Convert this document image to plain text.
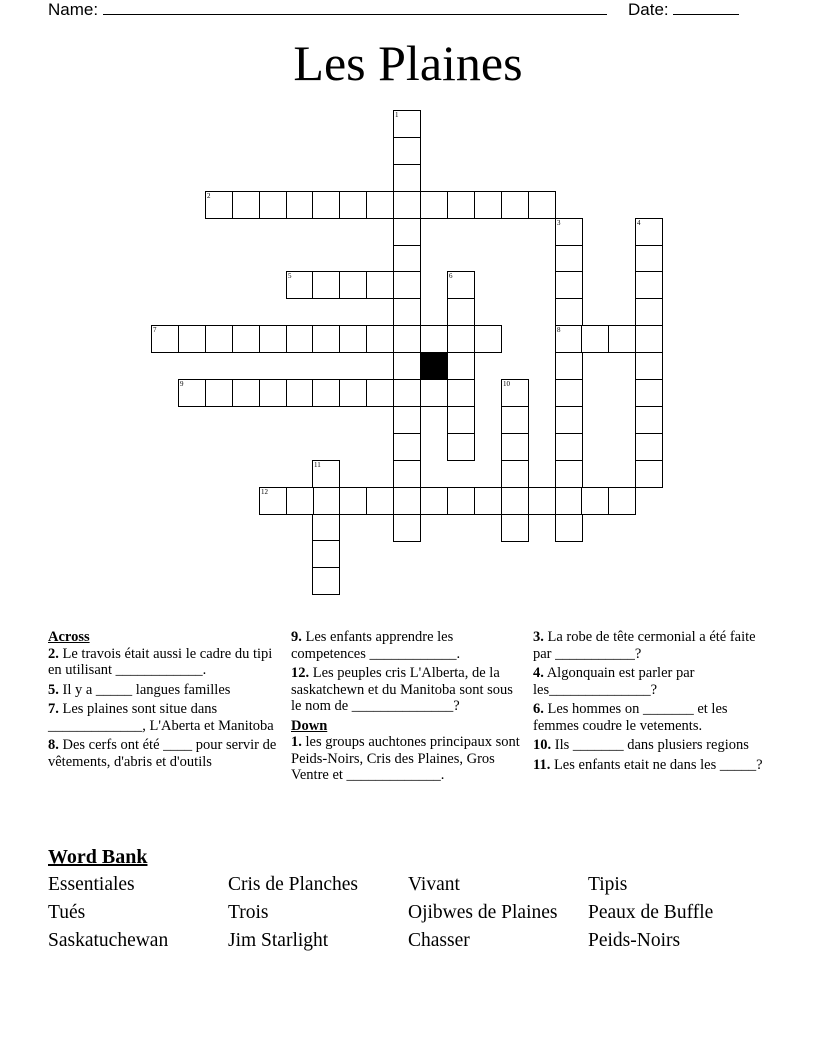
Name:	Date:
Les Plaines
1
2
3
8
4
5	6
7
9	10
11
12
Across
2. Le travois était aussi le cadre du tipi en utilisant ____________.
5. Il y a _____ langues familles
7. Les plaines sont situe dans _____________, L'Aberta et Manitoba
8. Des cerfs ont été ____ pour servir de vêtements, d'abris et d'outils
9. Les enfants apprendre les competences ____________.
12. Les peuples cris L'Alberta, de la saskatchewn et du Manitoba sont sous le nom de ______________?
Down
1. les groups auchtones principaux sont Peids-Noirs, Cris des Plaines, Gros Ventre et _____________.
3. La robe de tête cermonial a été faite par ___________?
4. Algonquain est parler par les______________?
6. Les hommes on _______ et les femmes coudre le vetements.
10. Ils _______ dans plusiers regions
11. Les enfants etait ne dans les _____?
Word Bank
Essentiales	Cris de Planches	Vivant	Tipis
Tués	Trois	Ojibwes de Plaines	Peaux de Buffle
Saskatuchewan	Jim Starlight	Chasser	Peids-Noirs
